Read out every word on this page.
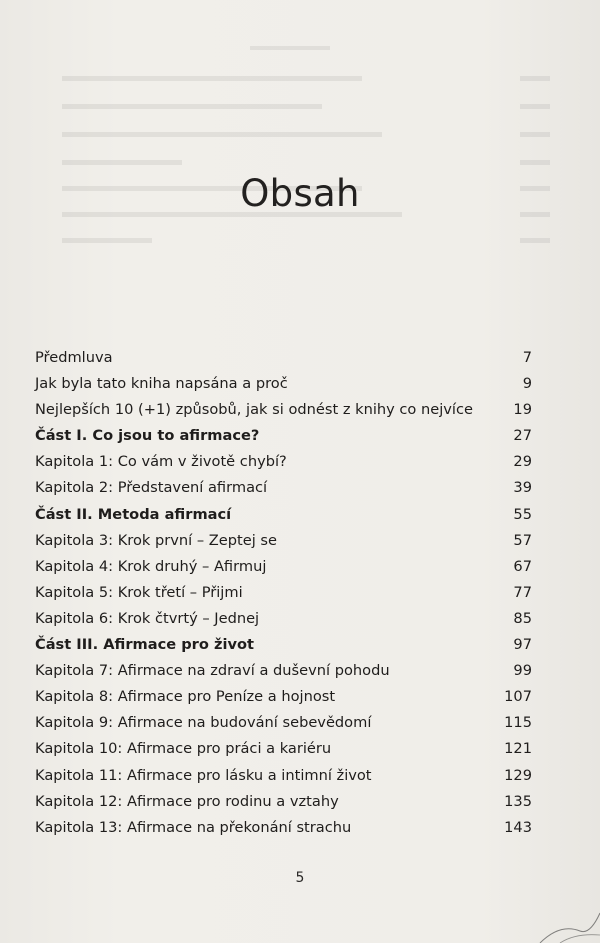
Obsah
Předmluva	7
Jak byla tato kniha napsána a proč	9
Nejlepších 10 (+1) způsobů, jak si odnést z knihy co nejvíce	19
Část I. Co jsou to afirmace?	27
Kapitola 1: Co vám v životě chybí?	29
Kapitola 2: Představení afirmací	39
Část II. Metoda afirmací	55
Kapitola 3: Krok první – Zeptej se	57
Kapitola 4: Krok druhý – Afirmuj	67
Kapitola 5: Krok třetí – Přijmi	77
Kapitola 6: Krok čtvrtý – Jednej	85
Část III. Afirmace pro život	97
Kapitola 7: Afirmace na zdraví a duševní pohodu	99
Kapitola 8: Afirmace pro Peníze a hojnost	107
Kapitola 9: Afirmace na budování sebevědomí	115
Kapitola 10: Afirmace pro práci a kariéru	121
Kapitola 11: Afirmace pro lásku a intimní život	129
Kapitola 12: Afirmace pro rodinu a vztahy	135
Kapitola 13: Afirmace na překonání strachu	143
5
